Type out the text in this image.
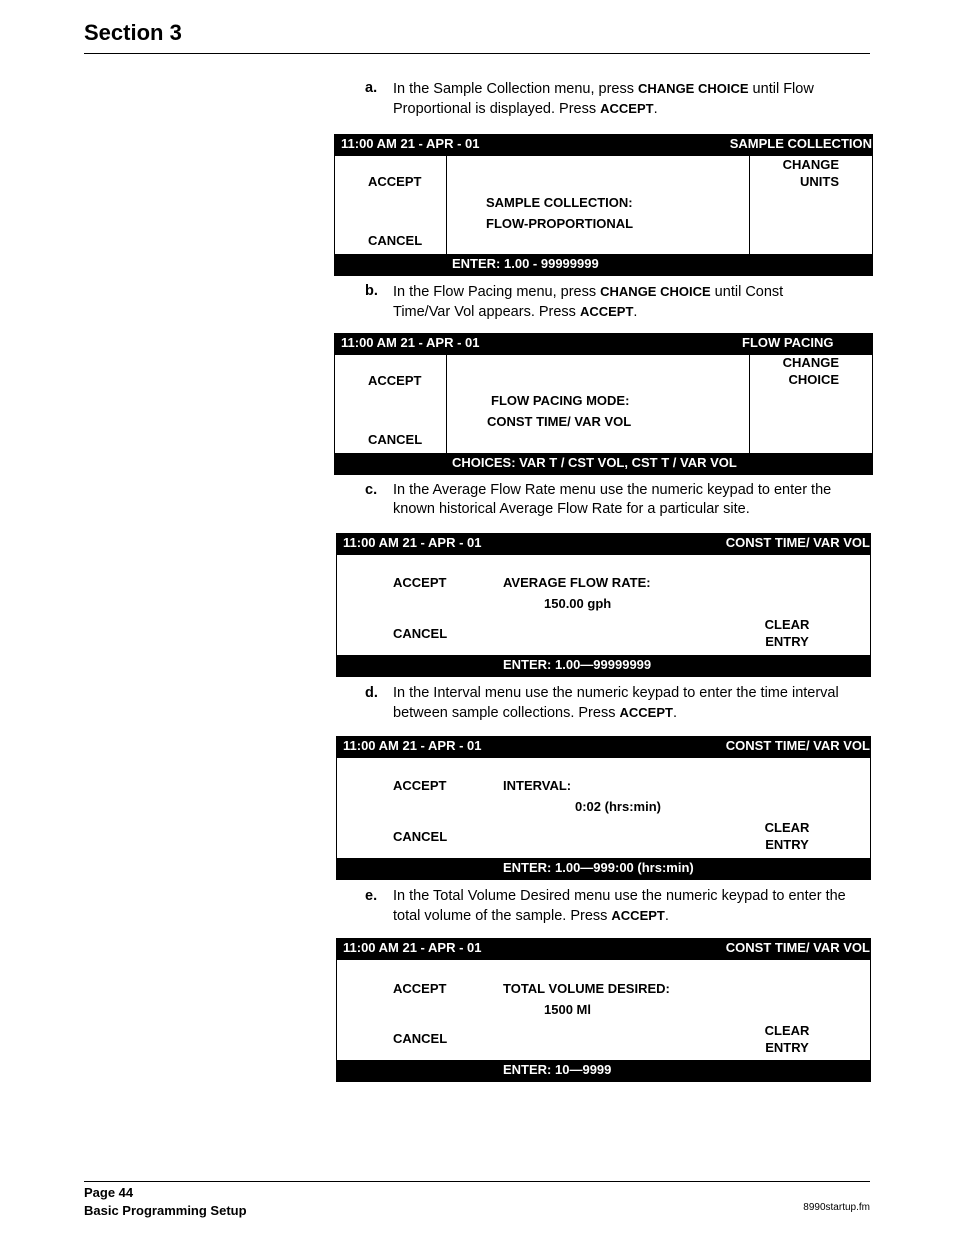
Section 3
a. In the Sample Collection menu, press CHANGE CHOICE until Flow Proportional is displayed. Press ACCEPT.
11:00 AM 21 - APR - 01	SAMPLE COLLECTION
ACCEPT
CANCEL
CHANGE
UNITS
SAMPLE COLLECTION:
FLOW-PROPORTIONAL
ENTER: 1.00 - 99999999
b. In the Flow Pacing menu, press CHANGE CHOICE until Const Time/Var Vol appears. Press ACCEPT.
11:00 AM 21 - APR - 01	FLOW PACING
ACCEPT
CANCEL
CHANGE
CHOICE
FLOW PACING MODE:
CONST TIME/ VAR VOL
CHOICES: VAR T / CST VOL, CST T / VAR VOL
c. In the Average Flow Rate menu use the numeric keypad to enter the known historical Average Flow Rate for a particular site.
11:00 AM 21 - APR - 01	CONST TIME/ VAR VOL
ACCEPT
CANCEL
AVERAGE FLOW RATE:
150.00 gph
CLEAR
ENTRY
ENTER: 1.00—99999999
d. In the Interval menu use the numeric keypad to enter the time interval between sample collections. Press ACCEPT.
11:00 AM 21 - APR - 01	CONST TIME/ VAR VOL
ACCEPT
CANCEL
INTERVAL:
0:02 (hrs:min)
CLEAR
ENTRY
ENTER: 1.00—999:00 (hrs:min)
e. In the Total Volume Desired menu use the numeric keypad to enter the total volume of the sample. Press ACCEPT.
11:00 AM 21 - APR - 01	CONST TIME/ VAR VOL
ACCEPT
CANCEL
TOTAL VOLUME DESIRED:
1500 Ml
CLEAR
ENTRY
ENTER: 10—9999
Page 44
Basic Programming Setup	8990startup.fm
